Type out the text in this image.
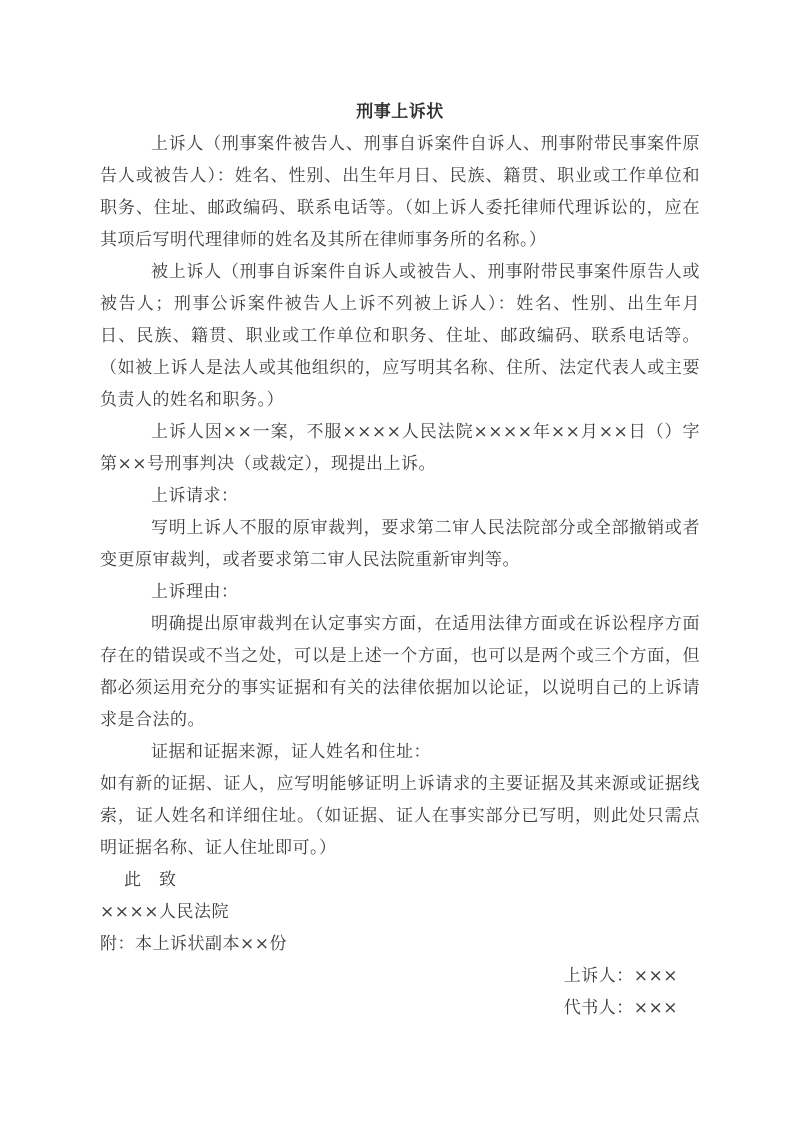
刑事上诉状

上诉人（刑事案件被告人、刑事自诉案件自诉人、刑事附带民事案件原告人或被告人）：姓名、性别、出生年月日、民族、籍贯、职业或工作单位和职务、住址、邮政编码、联系电话等。（如上诉人委托律师代理诉讼的，应在其项后写明代理律师的姓名及其所在律师事务所的名称。）

被上诉人（刑事自诉案件自诉人或被告人、刑事附带民事案件原告人或被告人；刑事公诉案件被告人上诉不列被上诉人）：姓名、性别、出生年月日、民族、籍贯、职业或工作单位和职务、住址、邮政编码、联系电话等。（如被上诉人是法人或其他组织的，应写明其名称、住所、法定代表人或主要负责人的姓名和职务。）

上诉人因××一案，不服××××人民法院××××年××月××日（）字第××号刑事判决（或裁定），现提出上诉。

上诉请求：

写明上诉人不服的原审裁判，要求第二审人民法院部分或全部撤销或者变更原审裁判，或者要求第二审人民法院重新审判等。

上诉理由：

明确提出原审裁判在认定事实方面，在适用法律方面或在诉讼程序方面存在的错误或不当之处，可以是上述一个方面，也可以是两个或三个方面，但都必须运用充分的事实证据和有关的法律依据加以论证，以说明自己的上诉请求是合法的。

证据和证据来源，证人姓名和住址：

如有新的证据、证人，应写明能够证明上诉请求的主要证据及其来源或证据线索，证人姓名和详细住址。（如证据、证人在事实部分已写明，则此处只需点明证据名称、证人住址即可。）

此　致

××××人民法院

附：本上诉状副本××份

上诉人：×××

代书人：×××
